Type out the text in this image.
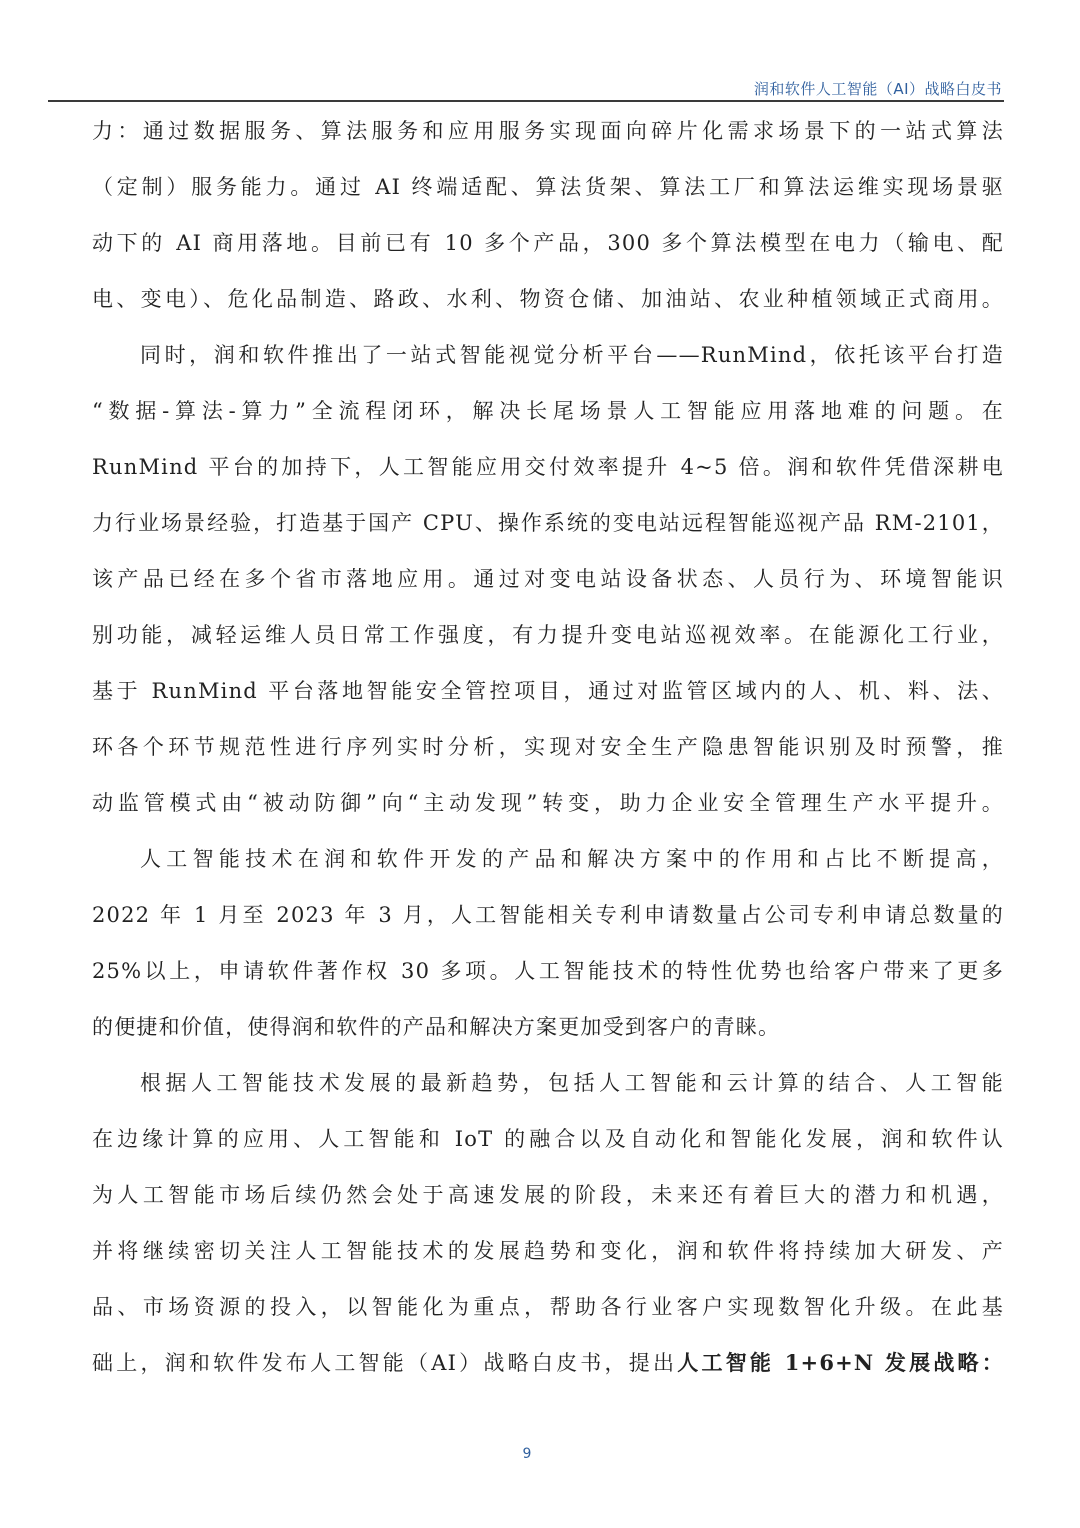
润和软件人工智能（AI）战略白皮书
力：通过数据服务、算法服务和应用服务实现面向碎片化需求场景下的一站式算法
（定制）服务能力。通过 AI 终端适配、算法货架、算法工厂和算法运维实现场景驱
动下的 AI 商用落地。目前已有 10 多个产品，300 多个算法模型在电力（输电、配
电、变电）、危化品制造、路政、水利、物资仓储、加油站、农业种植领域正式商用。
同时，润和软件推出了一站式智能视觉分析平台——RunMind，依托该平台打造
“数据-算法-算力”全流程闭环，解决长尾场景人工智能应用落地难的问题。在
RunMind 平台的加持下，人工智能应用交付效率提升 4~5 倍。润和软件凭借深耕电
力行业场景经验，打造基于国产 CPU、操作系统的变电站远程智能巡视产品 RM-2101，
该产品已经在多个省市落地应用。通过对变电站设备状态、人员行为、环境智能识
别功能，减轻运维人员日常工作强度，有力提升变电站巡视效率。在能源化工行业，
基于 RunMind 平台落地智能安全管控项目，通过对监管区域内的人、机、料、法、
环各个环节规范性进行序列实时分析，实现对安全生产隐患智能识别及时预警，推
动监管模式由“被动防御”向“主动发现”转变，助力企业安全管理生产水平提升。
人工智能技术在润和软件开发的产品和解决方案中的作用和占比不断提高，
2022 年 1 月至 2023 年 3 月，人工智能相关专利申请数量占公司专利申请总数量的
25%以上，申请软件著作权 30 多项。人工智能技术的特性优势也给客户带来了更多
的便捷和价值，使得润和软件的产品和解决方案更加受到客户的青睐。
根据人工智能技术发展的最新趋势，包括人工智能和云计算的结合、人工智能
在边缘计算的应用、人工智能和 IoT 的融合以及自动化和智能化发展，润和软件认
为人工智能市场后续仍然会处于高速发展的阶段，未来还有着巨大的潜力和机遇，
并将继续密切关注人工智能技术的发展趋势和变化，润和软件将持续加大研发、产
品、市场资源的投入，以智能化为重点，帮助各行业客户实现数智化升级。在此基
础上，润和软件发布人工智能（AI）战略白皮书，提出人工智能 1+6+N 发展战略：
9
